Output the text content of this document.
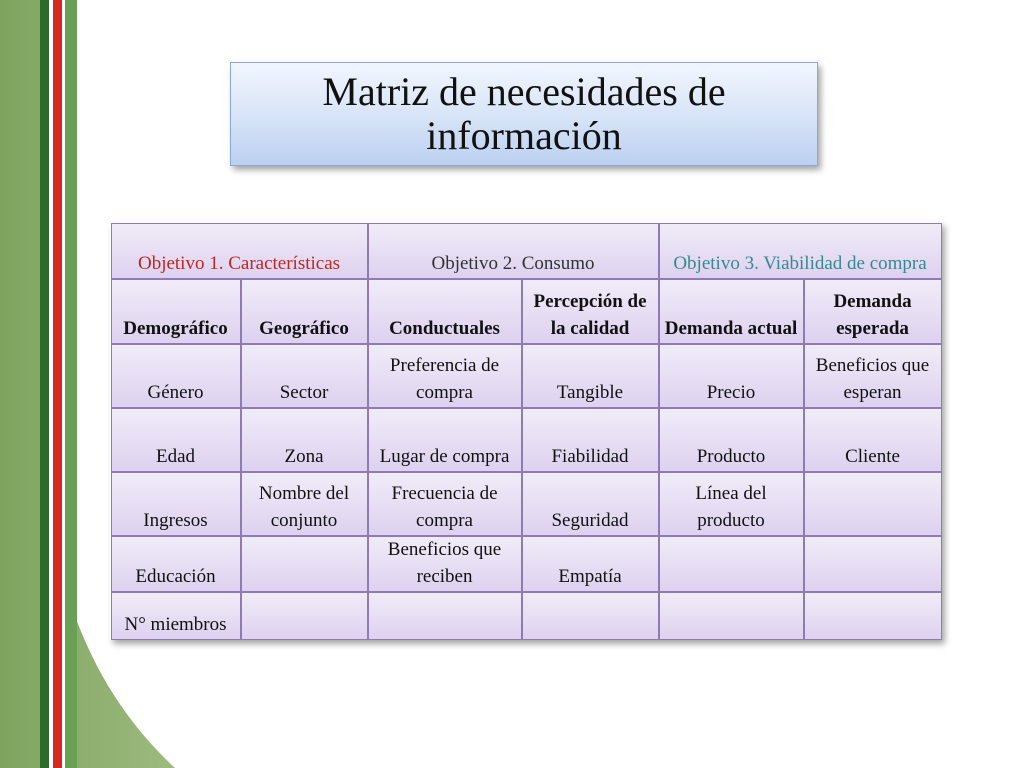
Matriz de necesidades de información
Objetivo 1. Características		Objetivo 2. Consumo		Objetivo 3. Viabilidad de compra	
Demográfico	Geográfico	Conductuales	Percepción de la calidad	Demanda actual	Demanda esperada
Género	Sector	Preferencia de compra	Tangible	Precio	Beneficios que esperan
Edad	Zona	Lugar de compra	Fiabilidad	Producto	Cliente
Ingresos	Nombre del conjunto	Frecuencia de compra	Seguridad	Línea del producto	
Educación		Beneficios que reciben	Empatía		
N° miembros					
